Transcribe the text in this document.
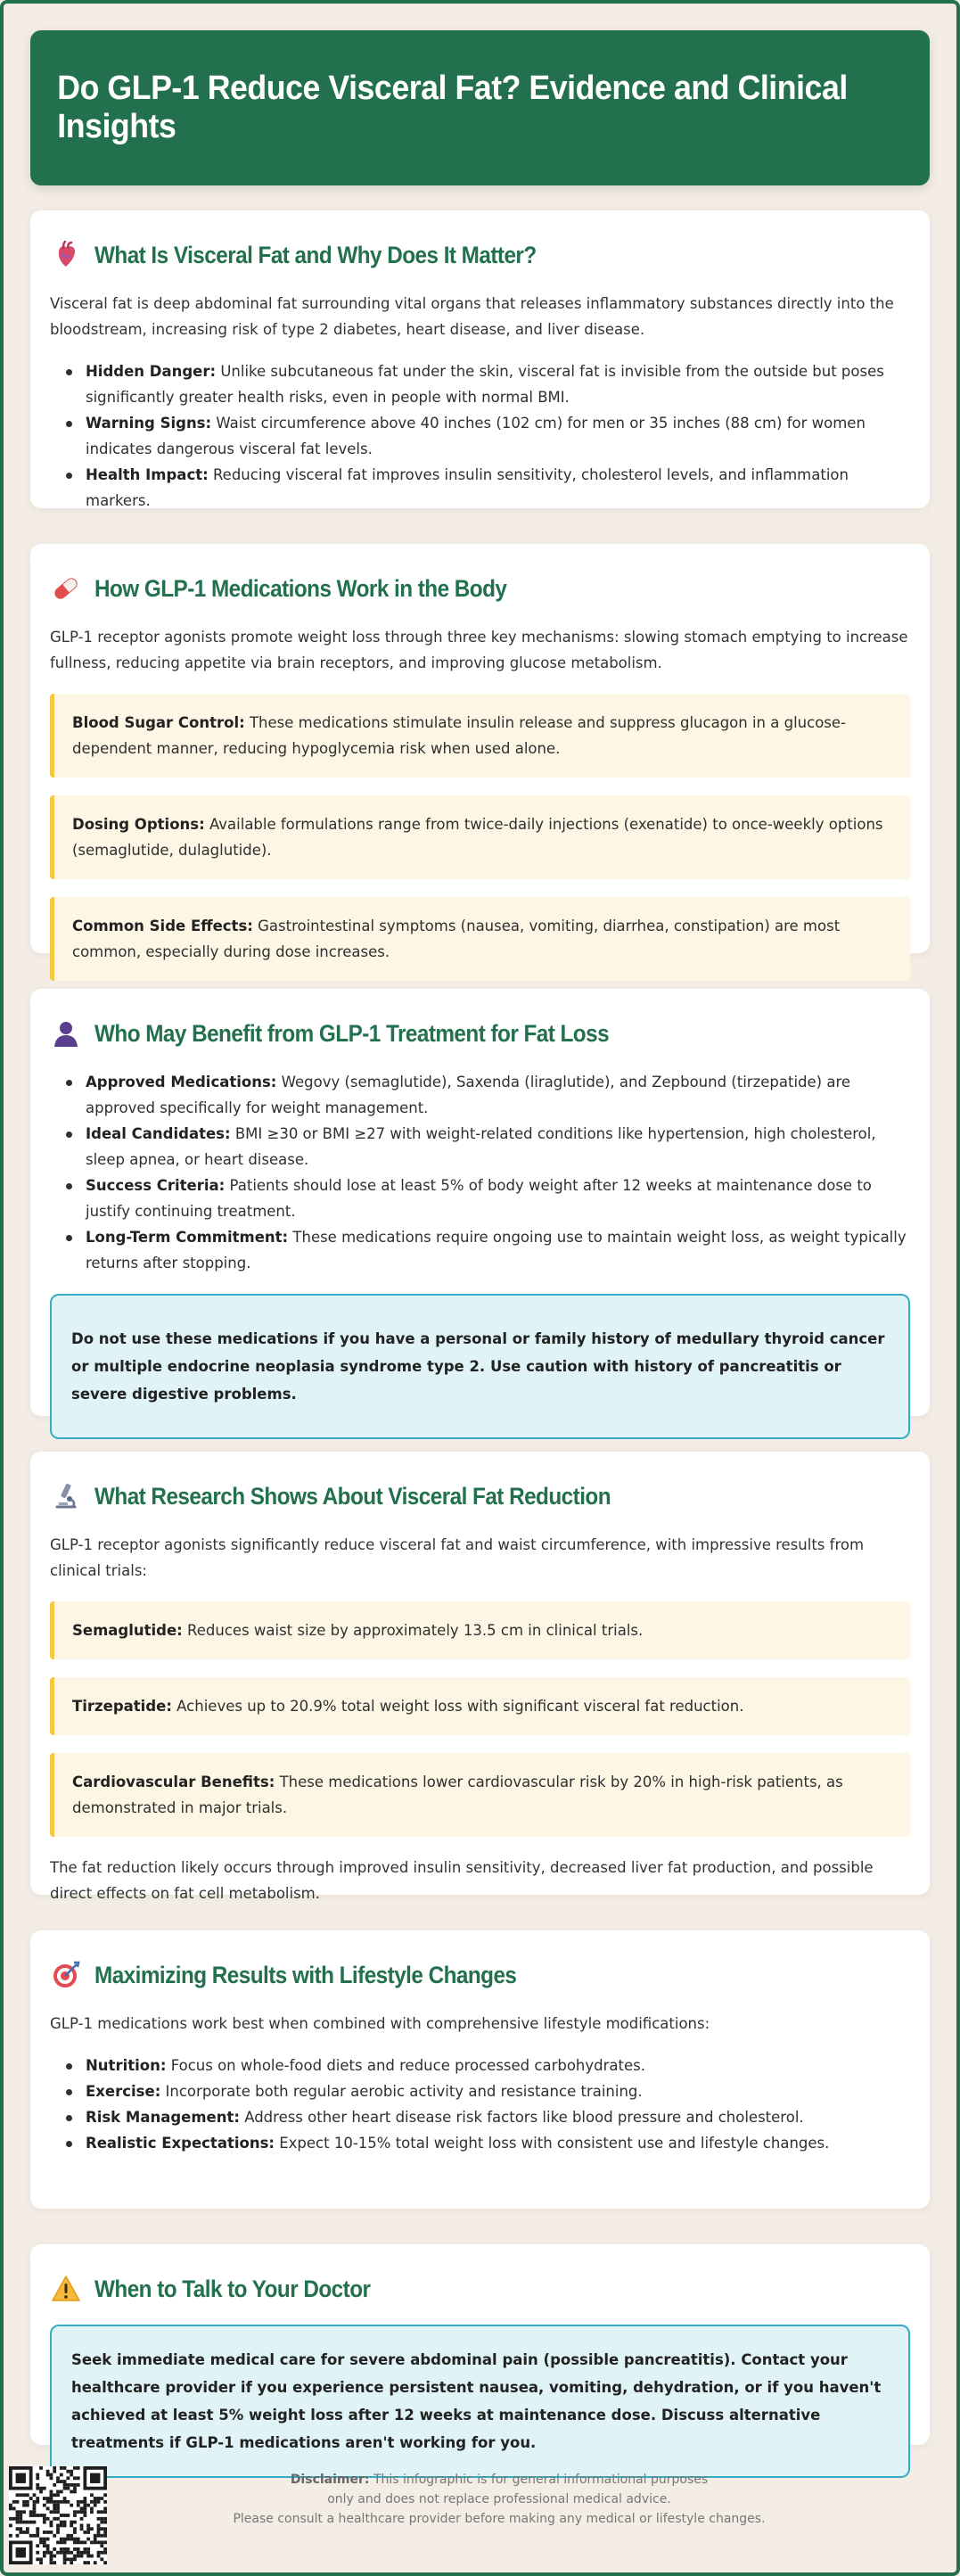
Do GLP-1 Reduce Visceral Fat? Evidence and Clinical Insights
What Is Visceral Fat and Why Does It Matter?

Visceral fat is deep abdominal fat surrounding vital organs that releases inflammatory substances directly into the bloodstream, increasing risk of type 2 diabetes, heart disease, and liver disease.

Hidden Danger: Unlike subcutaneous fat under the skin, visceral fat is invisible from the outside but poses significantly greater health risks, even in people with normal BMI.
Warning Signs: Waist circumference above 40 inches (102 cm) for men or 35 inches (88 cm) for women indicates dangerous visceral fat levels.
Health Impact: Reducing visceral fat improves insulin sensitivity, cholesterol levels, and inflammation markers.
How GLP-1 Medications Work in the Body

GLP-1 receptor agonists promote weight loss through three key mechanisms: slowing stomach emptying to increase fullness, reducing appetite via brain receptors, and improving glucose metabolism.

Blood Sugar Control: These medications stimulate insulin release and suppress glucagon in a glucose-dependent manner, reducing hypoglycemia risk when used alone.
Dosing Options: Available formulations range from twice-daily injections (exenatide) to once-weekly options (semaglutide, dulaglutide).
Common Side Effects: Gastrointestinal symptoms (nausea, vomiting, diarrhea, constipation) are most common, especially during dose increases.
Who May Benefit from GLP-1 Treatment for Fat Loss
Approved Medications: Wegovy (semaglutide), Saxenda (liraglutide), and Zepbound (tirzepatide) are approved specifically for weight management.
Ideal Candidates: BMI ≥30 or BMI ≥27 with weight-related conditions like hypertension, high cholesterol, sleep apnea, or heart disease.
Success Criteria: Patients should lose at least 5% of body weight after 12 weeks at maintenance dose to justify continuing treatment.
Long-Term Commitment: These medications require ongoing use to maintain weight loss, as weight typically returns after stopping.
Do not use these medications if you have a personal or family history of medullary thyroid cancer or multiple endocrine neoplasia syndrome type 2. Use caution with history of pancreatitis or severe digestive problems.
What Research Shows About Visceral Fat Reduction

GLP-1 receptor agonists significantly reduce visceral fat and waist circumference, with impressive results from clinical trials:

Semaglutide: Reduces waist size by approximately 13.5 cm in clinical trials.
Tirzepatide: Achieves up to 20.9% total weight loss with significant visceral fat reduction.
Cardiovascular Benefits: These medications lower cardiovascular risk by 20% in high-risk patients, as demonstrated in major trials.

The fat reduction likely occurs through improved insulin sensitivity, decreased liver fat production, and possible direct effects on fat cell metabolism.

Maximizing Results with Lifestyle Changes

GLP-1 medications work best when combined with comprehensive lifestyle modifications:

Nutrition: Focus on whole-food diets and reduce processed carbohydrates.
Exercise: Incorporate both regular aerobic activity and resistance training.
Risk Management: Address other heart disease risk factors like blood pressure and cholesterol.
Realistic Expectations: Expect 10-15% total weight loss with consistent use and lifestyle changes.
When to Talk to Your Doctor
Seek immediate medical care for severe abdominal pain (possible pancreatitis). Contact your healthcare provider if you experience persistent nausea, vomiting, dehydration, or if you haven't achieved at least 5% weight loss after 12 weeks at maintenance dose. Discuss alternative treatments if GLP-1 medications aren't working for you.
Disclaimer: This infographic is for general informational purposes
only and does not replace professional medical advice.
Please consult a healthcare provider before making any medical or lifestyle changes.
